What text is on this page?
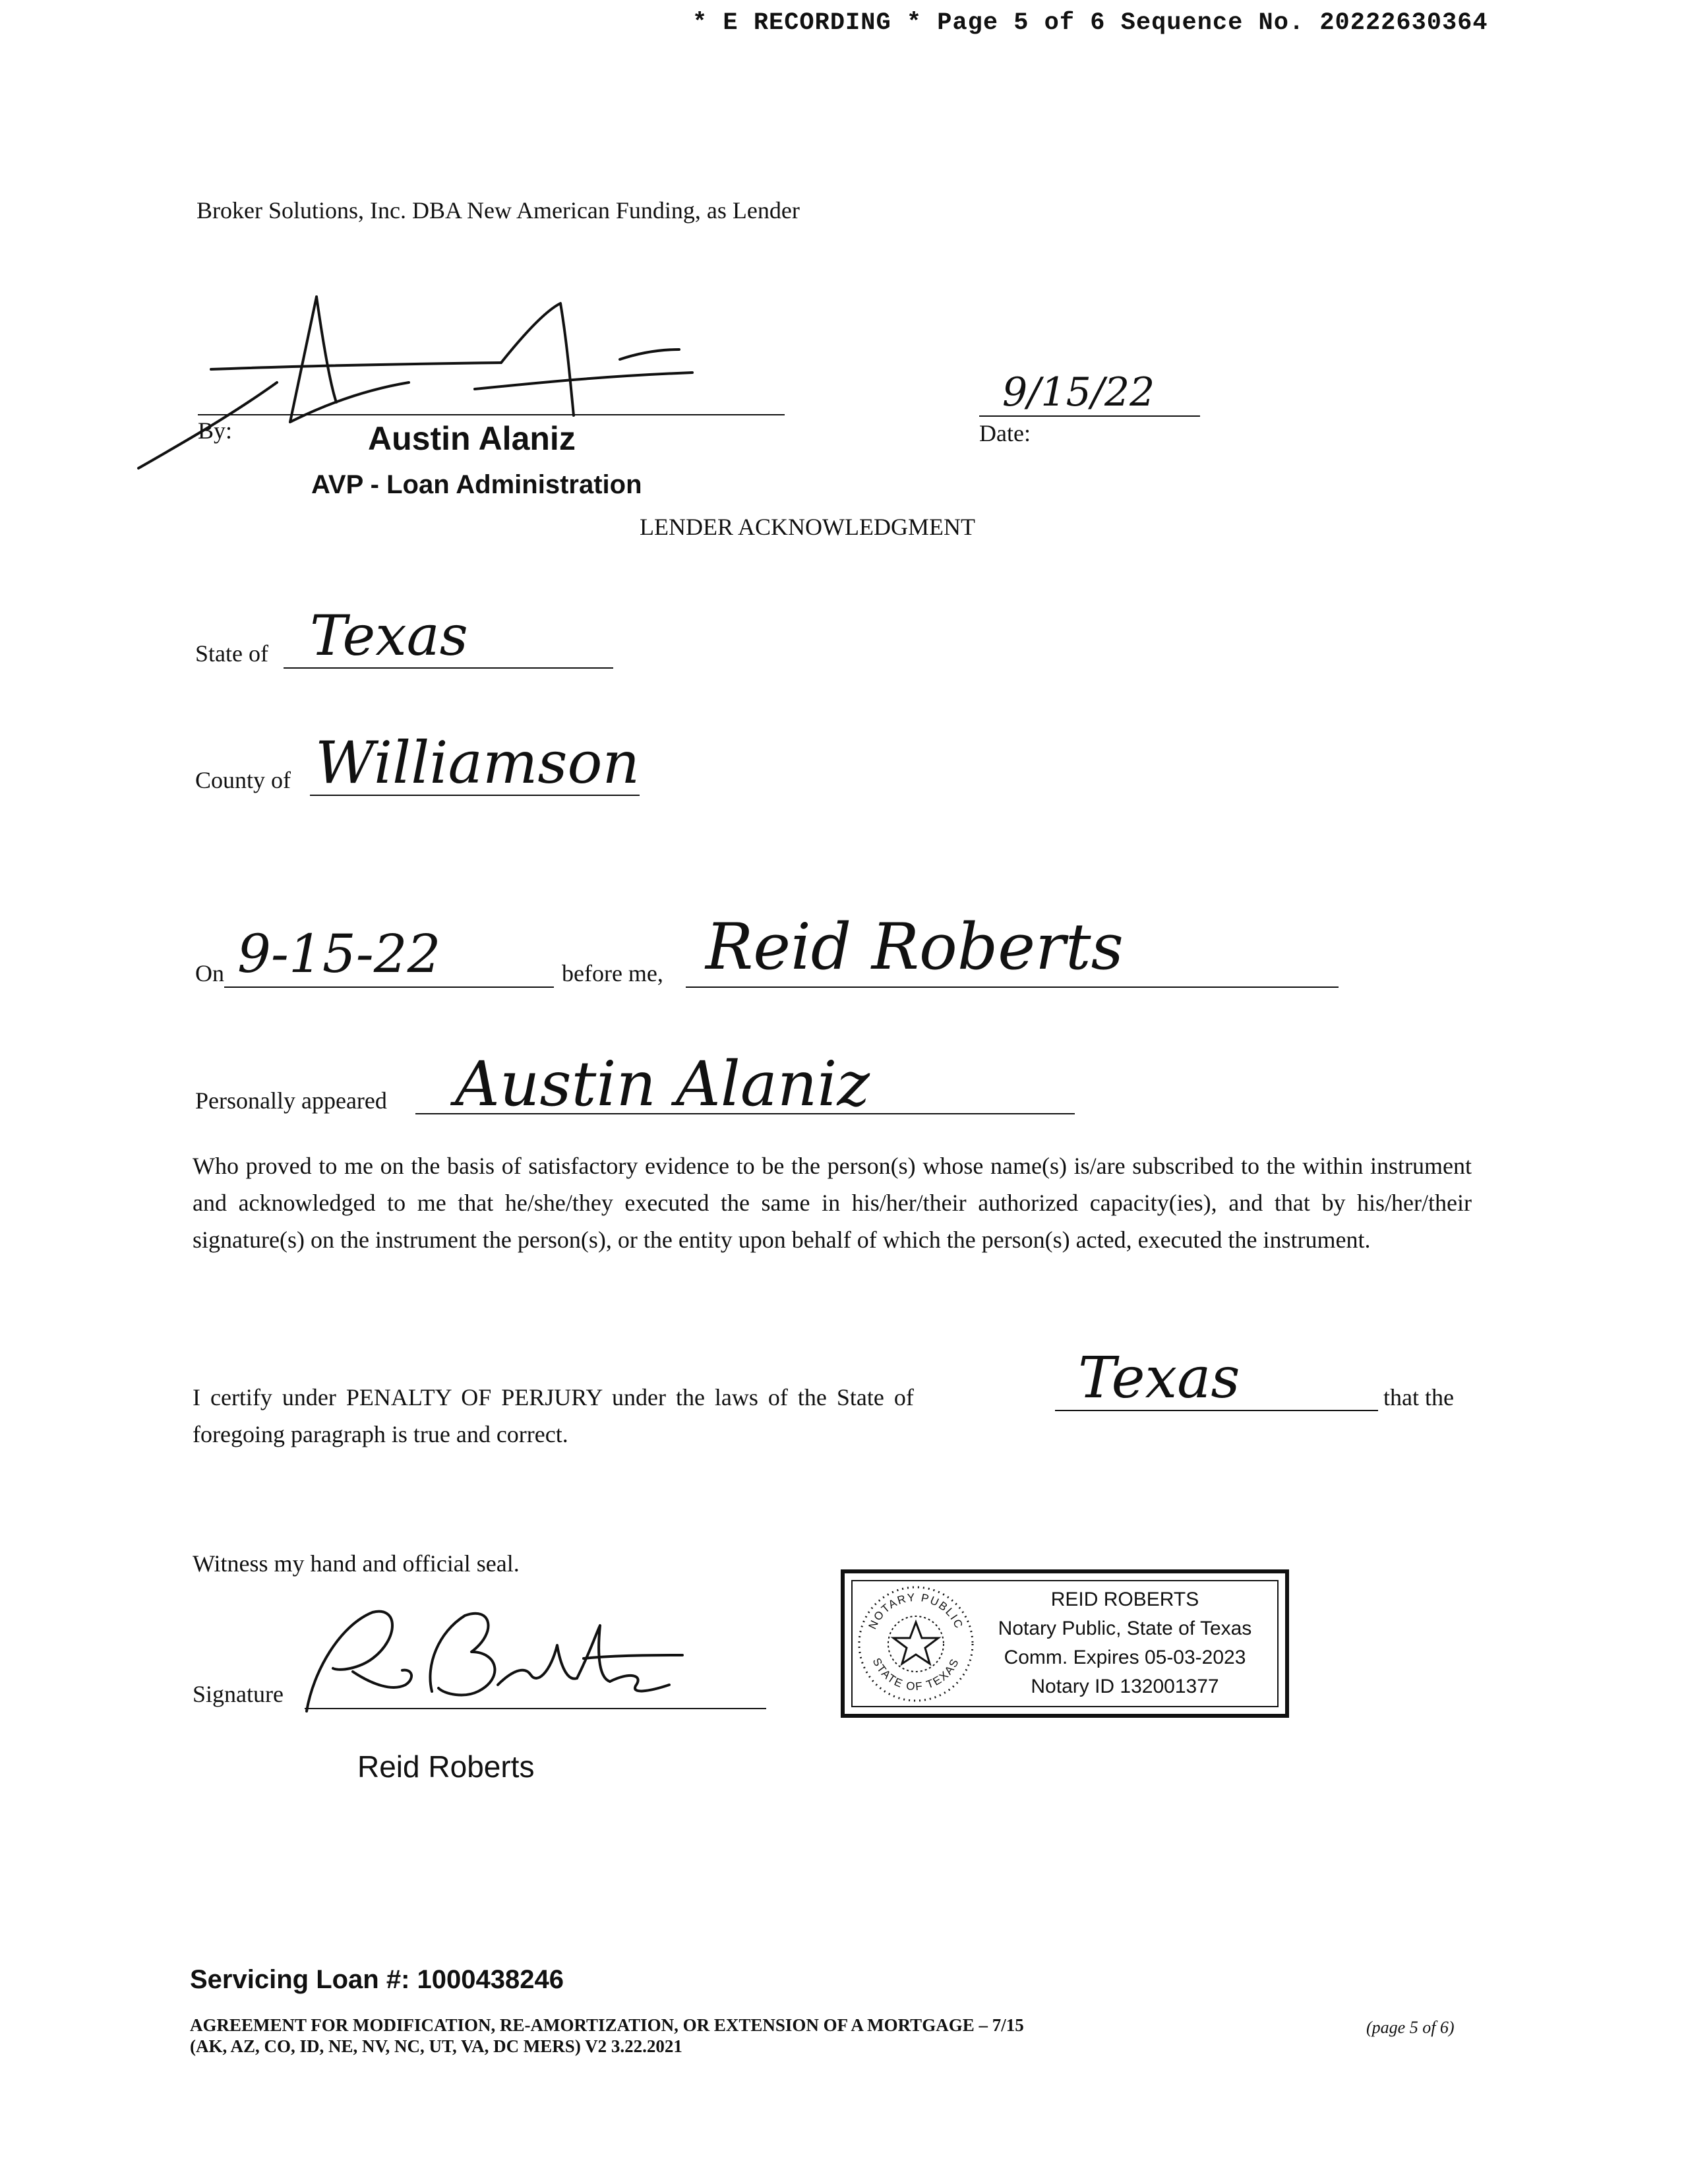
* E RECORDING * Page 5 of 6 Sequence No. 20222630364
Broker Solutions, Inc. DBA New American Funding, as Lender
By:	Austin Alaniz
AVP - Loan Administration
9/15/22
Date:
LENDER ACKNOWLEDGMENT
State of Texas
County of Williamson
On 9-15-22	before me, Reid Roberts
Personally appeared Austin Alaniz
Who proved to me on the basis of satisfactory evidence to be the person(s) whose name(s) is/are subscribed to the within instrument and acknowledged to me that he/she/they executed the same in his/her/their authorized capacity(ies), and that by his/her/their signature(s) on the instrument the person(s), or the entity upon behalf of which the person(s) acted, executed the instrument.
I certify under PENALTY OF PERJURY under the laws of the State of	Texas	that the
foregoing paragraph is true and correct.
Witness my hand and official seal.
Signature
Reid Roberts
NOTARY PUBLIC
STATE OF TEXAS
REID ROBERTS
Notary Public, State of Texas
Comm. Expires 05-03-2023
Notary ID 132001377
Servicing Loan #: 1000438246
AGREEMENT FOR MODIFICATION, RE-AMORTIZATION, OR EXTENSION OF A MORTGAGE – 7/15
(AK, AZ, CO, ID, NE, NV, NC, UT, VA, DC MERS) V2 3.22.2021
(page 5 of 6)
